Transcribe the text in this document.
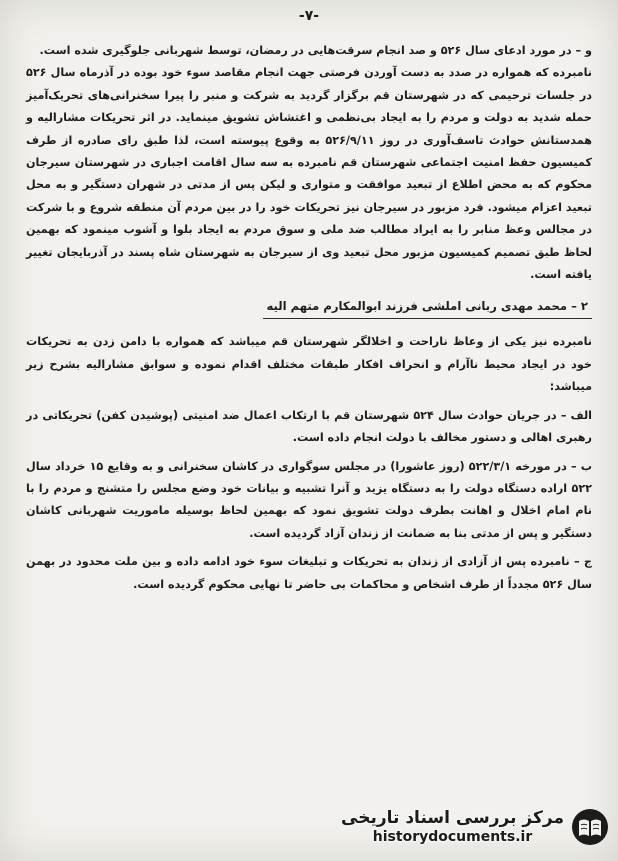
-۷-

و – در مورد ادعای سال ۵۲۶ و صد انجام سرقت‌هایی در رمضان، توسط شهربانی جلوگیری شده است.

نامبرده که همواره در صدد به دست آوردن فرصتی جهت انجام مقاصد سوء خود بوده در آذرماه سال ۵۲۶ در جلسات ترحیمی که در شهرستان قم برگزار گردید به شرکت و منبر را پیرا سخنرانی‌های تحریک‌آمیز حمله شدید به دولت و مردم را به ایجاد بی‌نظمی و اغتشاش تشویق مینماید. در اثر تحریکات مشارالیه و همدستانش حوادث تاسف‌آوری در روز ۵۲۶/۹/۱۱ به وقوع پیوسته است، لذا طبق رای صادره از طرف کمیسیون حفظ امنیت اجتماعی شهرستان قم نامبرده به سه سال اقامت اجباری در شهرستان سیرجان محکوم که به محض اطلاع از تبعید موافقت و متواری و لیکن پس از مدتی در شهران دستگیر و به محل تبعید اعزام میشود. فرد مزبور در سیرجان نیز تحریکات خود را در بین مردم آن منطقه شروع و با شرکت در مجالس وعظ منابر را به ایراد مطالب ضد ملی و سوق مردم به ایجاد بلوا و آشوب مینمود که بهمین لحاظ طبق تصمیم کمیسیون مزبور محل تبعید وی از سیرجان به شهرستان شاه پسند در آذربایجان تغییر یافته است.

۲ – محمد مهدی ربانی املشی فرزند ابوالمکارم متهم‌ الیه

نامبرده نیز یکی از وعاظ ناراحت و اخلالگر شهرستان قم میباشد که همواره با دامن زدن به تحریکات خود در ایجاد محیط ناآرام و انحراف افکار طبقات مختلف اقدام نموده و سوابق مشارالیه بشرح زیر میباشد:

الف – در جریان حوادث سال ۵۲۴ شهرستان قم با ارتکاب اعمال ضد امنیتی (پوشیدن کفن) تحریکاتی در رهبری اهالی و دستور مخالف با دولت انجام داده است.

ب – در مورخه ۵۲۲/۳/۱ (روز عاشورا) در مجلس سوگواری در کاشان سخنرانی و به وقایع ۱۵ خرداد سال ۵۲۲ اراده دستگاه دولت را به دستگاه یزید و آنرا تشبیه و بیانات خود وضع مجلس را متشنج و مردم را با نام امام اخلال و اهانت بطرف دولت تشویق نمود که بهمین لحاظ بوسیله ماموریت شهربانی کاشان دستگیر و پس از مدتی بنا به ضمانت از زندان آزاد گردیده است.

ج – نامبرده پس از آزادی از زندان به تحریکات و تبلیغات سوء خود ادامه داده و بین ملت محدود در بهمن سال ۵۲۶ مجدداً از طرف اشخاص و محاکمات بی حاضر تا نهایی محکوم گردیده است.

مرکز بررسی اسناد تاریخی
historydocuments.ir
